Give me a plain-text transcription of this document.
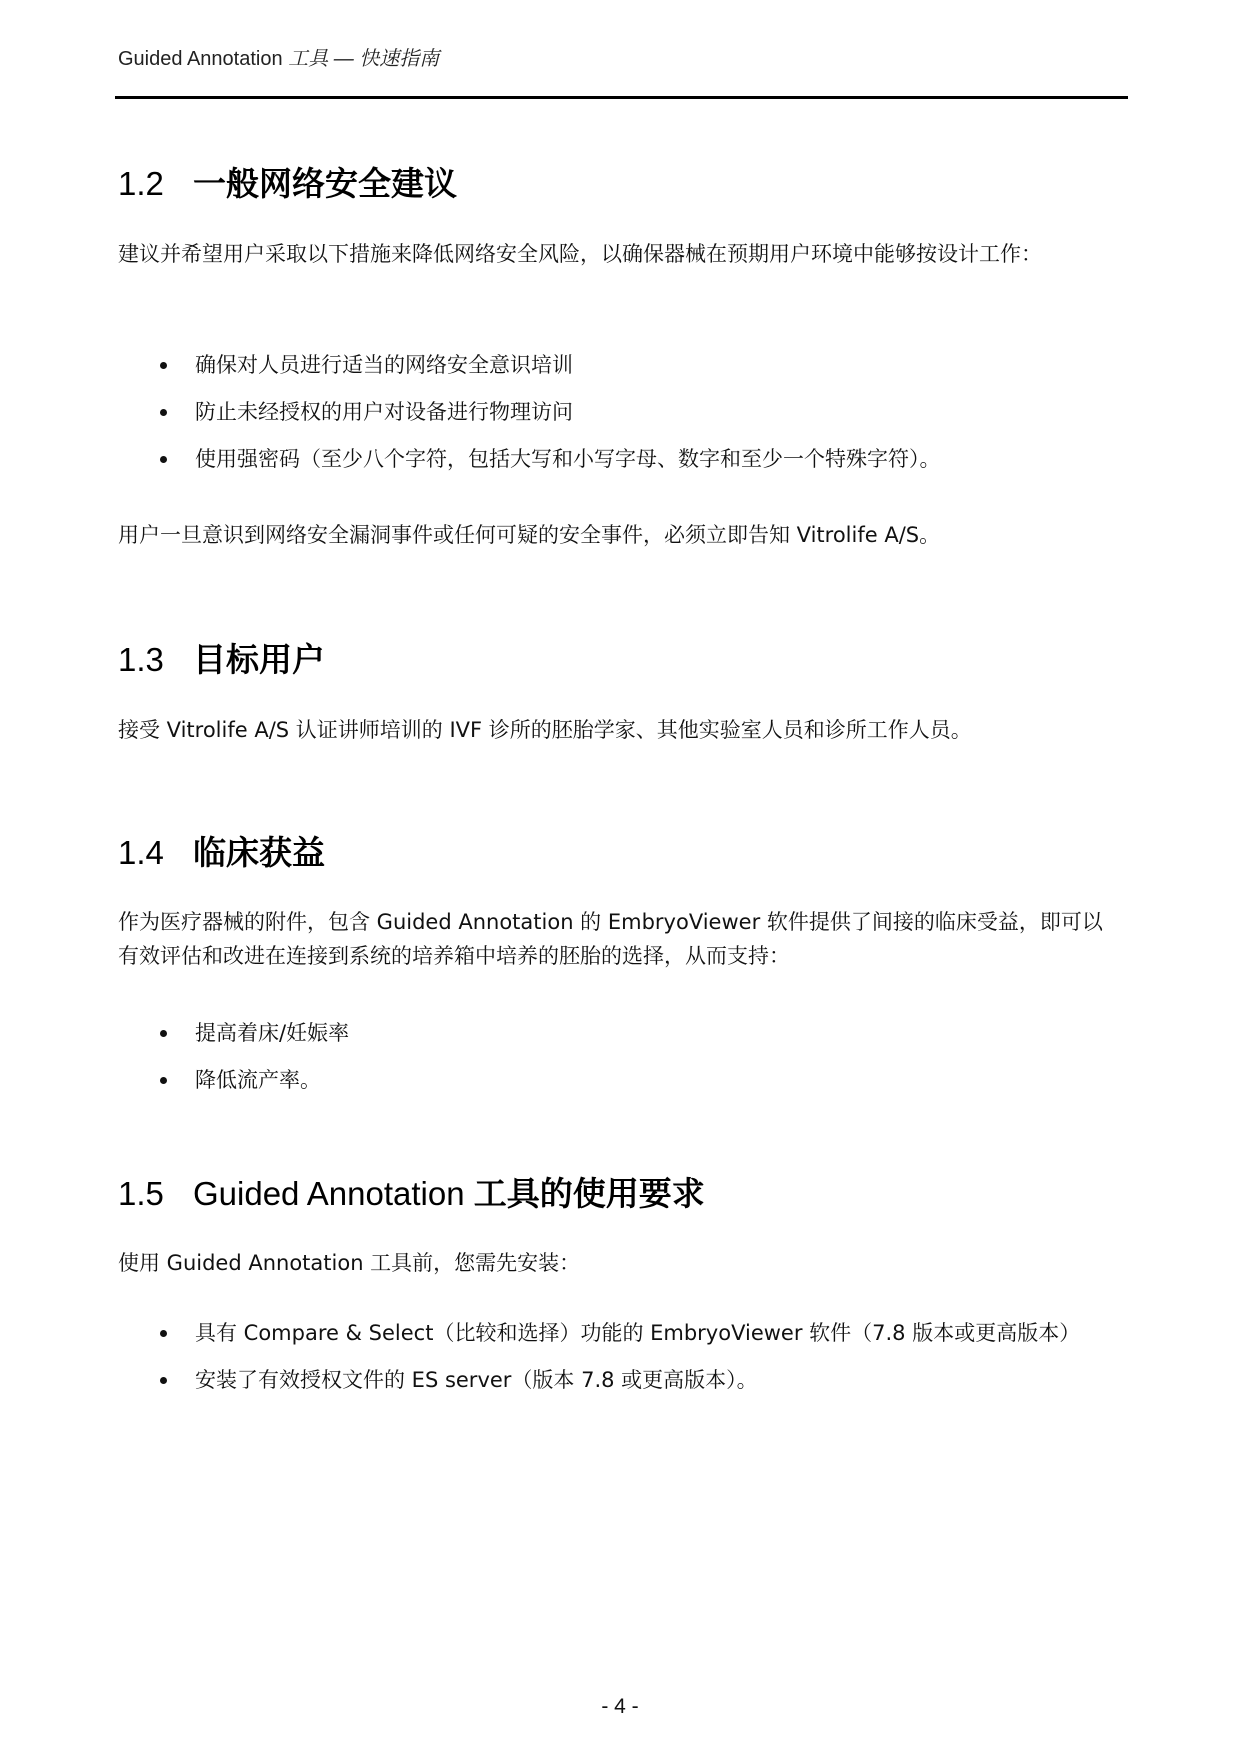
Guided Annotation 工具 — 快速指南
1.2 一般网络安全建议

建议并希望用户采取以下措施来降低网络安全风险，以确保器械在预期用户环境中能够按设计工作：

确保对人员进行适当的网络安全意识培训
防止未经授权的用户对设备进行物理访问
使用强密码（至少八个字符，包括大写和小写字母、数字和至少一个特殊字符）。

用户一旦意识到网络安全漏洞事件或任何可疑的安全事件，必须立即告知 Vitrolife A/S。

1.3 目标用户

接受 Vitrolife A/S 认证讲师培训的 IVF 诊所的胚胎学家、其他实验室人员和诊所工作人员。

1.4 临床获益

作为医疗器械的附件，包含 Guided Annotation 的 EmbryoViewer 软件提供了间接的临床受益，即可以有效评估和改进在连接到系统的培养箱中培养的胚胎的选择，从而支持：

提高着床/妊娠率
降低流产率。
1.5 Guided Annotation 工具的使用要求

使用 Guided Annotation 工具前，您需先安装：

具有 Compare & Select（比较和选择）功能的 EmbryoViewer 软件（7.8 版本或更高版本）
安装了有效授权文件的 ES server（版本 7.8 或更高版本）。
- 4 -
